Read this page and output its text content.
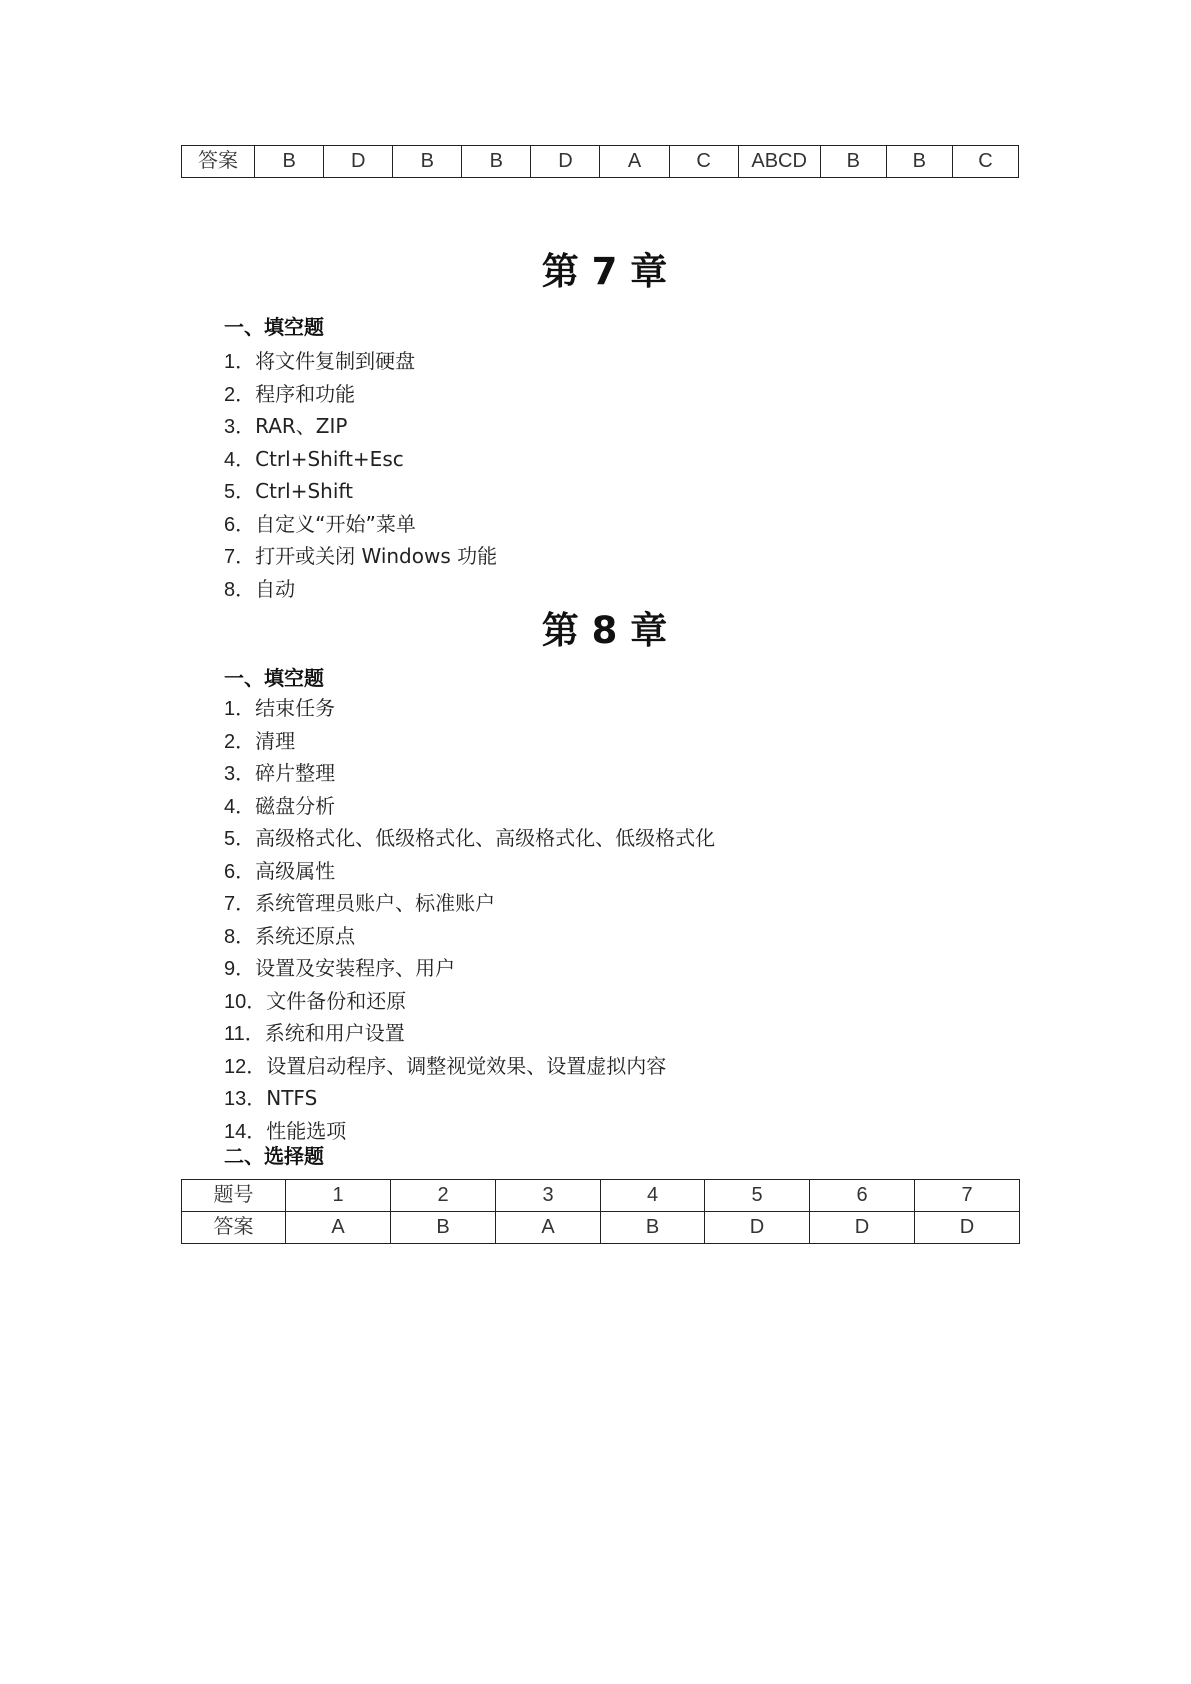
答案	B	D	B	B	D	A	C	ABCD	B	B	C
第 7 章
一、填空题
1．将文件复制到硬盘
2．程序和功能
3．RAR、ZIP
4．Ctrl+Shift+Esc
5．Ctrl+Shift
6．自定义“开始”菜单
7．打开或关闭 Windows 功能
8．自动
第 8 章
一、填空题
1．结束任务
2．清理
3．碎片整理
4．磁盘分析
5．高级格式化、低级格式化、高级格式化、低级格式化
6．高级属性
7．系统管理员账户、标准账户
8．系统还原点
9．设置及安装程序、用户
10．文件备份和还原
11．系统和用户设置
12．设置启动程序、调整视觉效果、设置虚拟内容
13．NTFS
14．性能选项
二、选择题
题号	1	2	3	4	5	6	7
答案	A	B	A	B	D	D	D
